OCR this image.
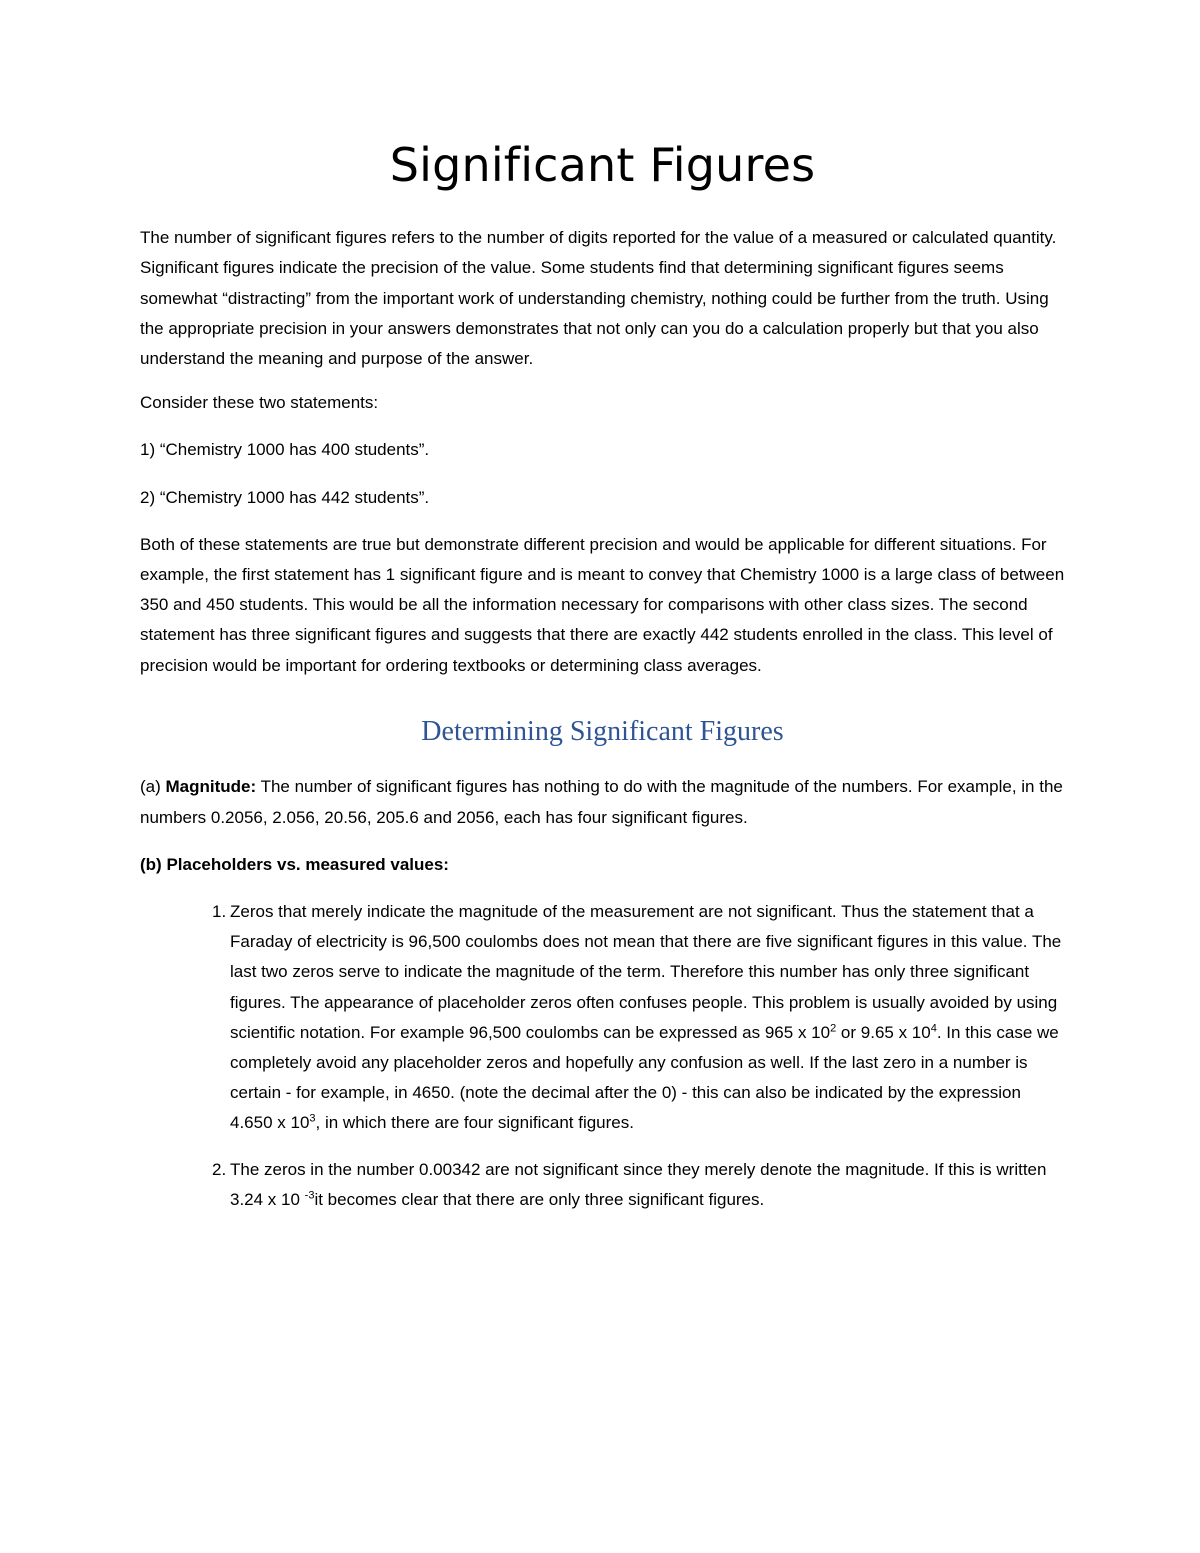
Significant Figures

The number of significant figures refers to the number of digits reported for the value of a measured or calculated quantity. Significant figures indicate the precision of the value. Some students find that determining significant figures seems somewhat “distracting” from the important work of understanding chemistry, nothing could be further from the truth. Using the appropriate precision in your answers demonstrates that not only can you do a calculation properly but that you also understand the meaning and purpose of the answer.

Consider these two statements:

1) “Chemistry 1000 has 400 students”.

2) “Chemistry 1000 has 442 students”.

Both of these statements are true but demonstrate different precision and would be applicable for different situations. For example, the first statement has 1 significant figure and is meant to convey that Chemistry 1000 is a large class of between 350 and 450 students. This would be all the information necessary for comparisons with other class sizes. The second statement has three significant figures and suggests that there are exactly 442 students enrolled in the class. This level of precision would be important for ordering textbooks or determining class averages.

Determining Significant Figures

(a) Magnitude: The number of significant figures has nothing to do with the magnitude of the numbers. For example, in the numbers 0.2056, 2.056, 20.56, 205.6 and 2056, each has four significant figures.

(b) Placeholders vs. measured values:

1. Zeros that merely indicate the magnitude of the measurement are not significant. Thus the statement that a Faraday of electricity is 96,500 coulombs does not mean that there are five significant figures in this value. The last two zeros serve to indicate the magnitude of the term. Therefore this number has only three significant figures. The appearance of placeholder zeros often confuses people. This problem is usually avoided by using scientific notation. For example 96,500 coulombs can be expressed as 965 x $10^2$ or 9.65 x $10^4$. In this case we completely avoid any placeholder zeros and hopefully any confusion as well. If the last zero in a number is certain - for example, in 4650. (note the decimal after the 0) - this can also be indicated by the expression 4.650 x $10^3$, in which there are four significant figures.
2. The zeros in the number 0.00342 are not significant since they merely denote the magnitude. If this is written 3.24 x 10 $^{-3}$it becomes clear that there are only three significant figures.
